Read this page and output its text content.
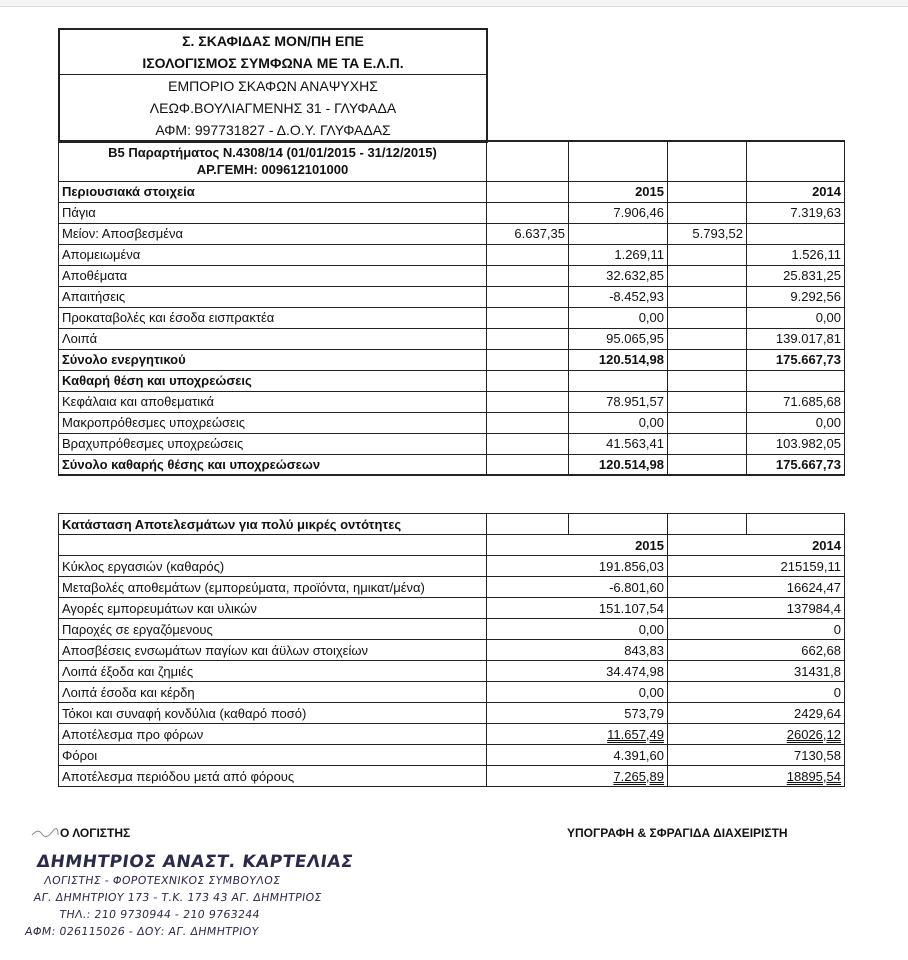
Σ. ΣΚΑΦΙΔΑΣ ΜΟΝ/ΠΗ ΕΠΕ
ΙΣΟΛΟΓΙΣΜΟΣ ΣΥΜΦΩΝΑ ΜΕ ΤΑ Ε.Λ.Π.
ΕΜΠΟΡΙΟ ΣΚΑΦΩΝ ΑΝΑΨΥΧΗΣ
ΛΕΩΦ.ΒΟΥΛΙΑΓΜΕΝΗΣ 31 - ΓΛΥΦΑΔΑ
ΑΦΜ: 997731827 - Δ.Ο.Υ. ΓΛΥΦΑΔΑΣ
Β5 Παραρτήματος Ν.4308/14 (01/01/2015 - 31/12/2015)
ΑΡ.ΓΕΜΗ: 009612101000				

Περιουσιακά στοιχεία		2015		2014
Πάγια		7.906,46		7.319,63
Μείον: Αποσβεσμένα	6.637,35		5.793,52	
Απομειωμένα		1.269,11		1.526,11
Αποθέματα		32.632,85		25.831,25
Απαιτήσεις		-8.452,93		9.292,56
Προκαταβολές και έσοδα εισπρακτέα		0,00		0,00
Λοιπά		95.065,95		139.017,81
Σύνολο ενεργητικού		120.514,98		175.667,73
Καθαρή θέση και υποχρεώσεις				
Κεφάλαια και αποθεματικά		78.951,57		71.685,68
Μακροπρόθεσμες υποχρεώσεις		0,00		0,00
Βραχυπρόθεσμες υποχρεώσεις		41.563,41		103.982,05
Σύνολο καθαρής θέσης και υποχρεώσεων		120.514,98		175.667,73
Κατάσταση Αποτελεσμάτων για πολύ μικρές οντότητες				
	2015		2014	
Κύκλος εργασιών (καθαρός)	191.856,03		215159,11	
Μεταβολές αποθεμάτων (εμπορεύματα, προϊόντα, ημικατ/μένα)	-6.801,60		16624,47	
Αγορές εμπορευμάτων και υλικών	151.107,54		137984,4	
Παροχές σε εργαζόμενους	0,00		0	
Αποσβέσεις ενσωμάτων παγίων και άϋλων στοιχείων	843,83		662,68	
Λοιπά έξοδα και ζημιές	34.474,98		31431,8	
Λοιπά έσοδα και κέρδη	0,00		0	
Τόκοι και συναφή κονδύλια (καθαρό ποσό)	573,79		2429,64	
Αποτέλεσμα προ φόρων	11.657,49		26026,12	
Φόροι	4.391,60		7130,58	
Αποτέλεσμα περιόδου μετά από φόρους	7.265,89		18895,54	
Ο ΛΟΓΙΣΤΗΣ	ΥΠΟΓΡΑΦΗ & ΣΦΡΑΓΙΔΑ ΔΙΑΧΕΙΡΙΣΤΗ
ΔΗΜΗΤΡΙΟΣ ΑΝΑΣΤ. ΚΑΡΤΕΛΙΑΣ
ΛΟΓΙΣΤΗΣ - ΦΟΡΟΤΕΧΝΙΚΟΣ ΣΥΜΒΟΥΛΟΣ
ΑΓ. ΔΗΜΗΤΡΙΟΥ 173 - Τ.Κ. 173 43 ΑΓ. ΔΗΜΗΤΡΙΟΣ
ΤΗΛ.: 210 9730944 - 210 9763244
ΑΦΜ: 026115026 - ΔΟΥ: ΑΓ. ΔΗΜΗΤΡΙΟΥ
